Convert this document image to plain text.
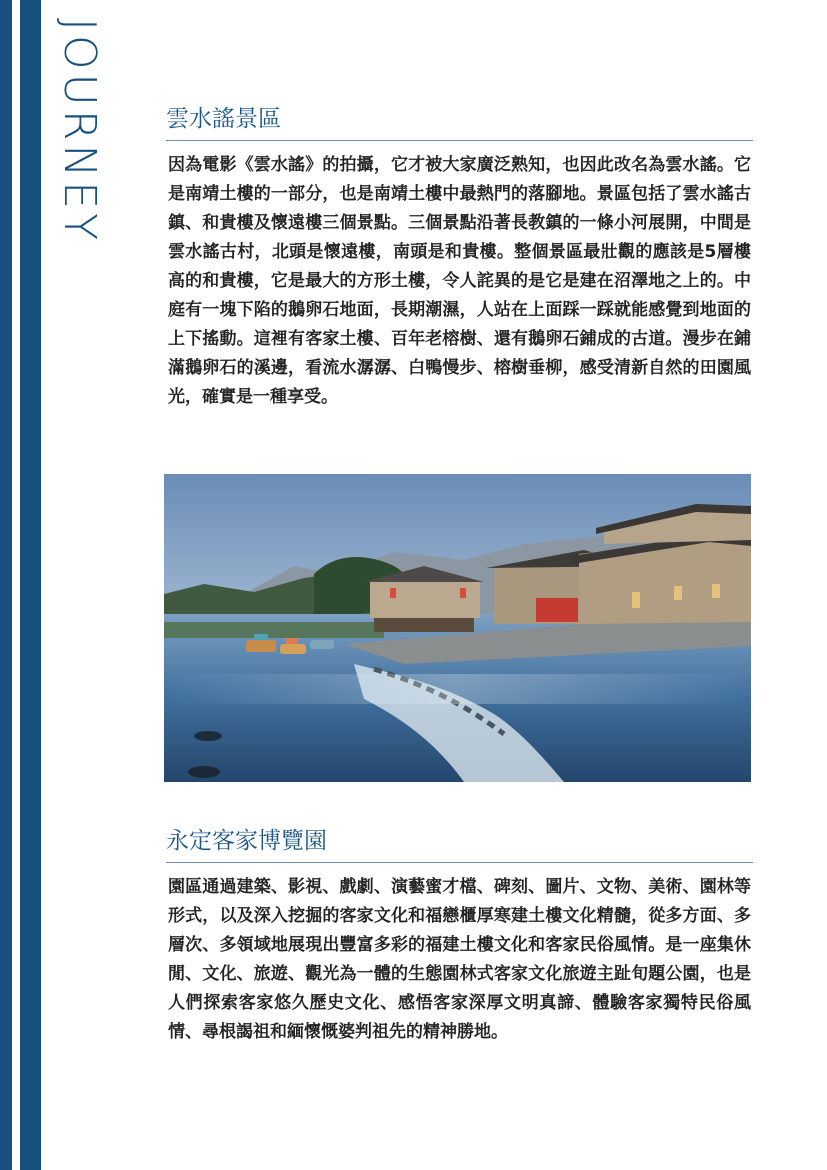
JOURNEY	雲水謠景區

因為電影《雲水謠》的拍攝，它才被大家廣泛熟知，也因此改名為雲水謠。它是南靖土樓的一部分，也是南靖土樓中最熱門的落腳地。景區包括了雲水謠古鎮、和貴樓及懷遠樓三個景點。三個景點沿著長教鎮的一條小河展開，中間是雲水謠古村，北頭是懷遠樓，南頭是和貴樓。整個景區最壯觀的應該是5層樓高的和貴樓，它是最大的方形土樓，令人詫異的是它是建在沼澤地之上的。中庭有一塊下陷的鵝卵石地面，長期潮濕，人站在上面踩一踩就能感覺到地面的上下搖動。這裡有客家土樓、百年老榕樹、還有鵝卵石鋪成的古道。漫步在鋪滿鵝卵石的溪邊，看流水潺潺、白鴨慢步、榕樹垂柳，感受清新自然的田園風光，確實是一種享受。

永定客家博覽園

園區通過建築、影視、戲劇、演藝蜜才檔、碑刻、圖片、文物、美術、園林等形式，以及深入挖掘的客家文化和福戀櫃厚寒建土樓文化精髓，從多方面、多層次、多領域地展現出豐富多彩的福建土樓文化和客家民俗風情。是一座集休閒、文化、旅遊、觀光為一體的生態園林式客家文化旅遊主趾旬題公園，也是人們探索客家悠久歷史文化、感悟客家深厚文明真諦、體驗客家獨特民俗風情、尋根謁祖和緬懷慨婆判祖先的精神勝地。
